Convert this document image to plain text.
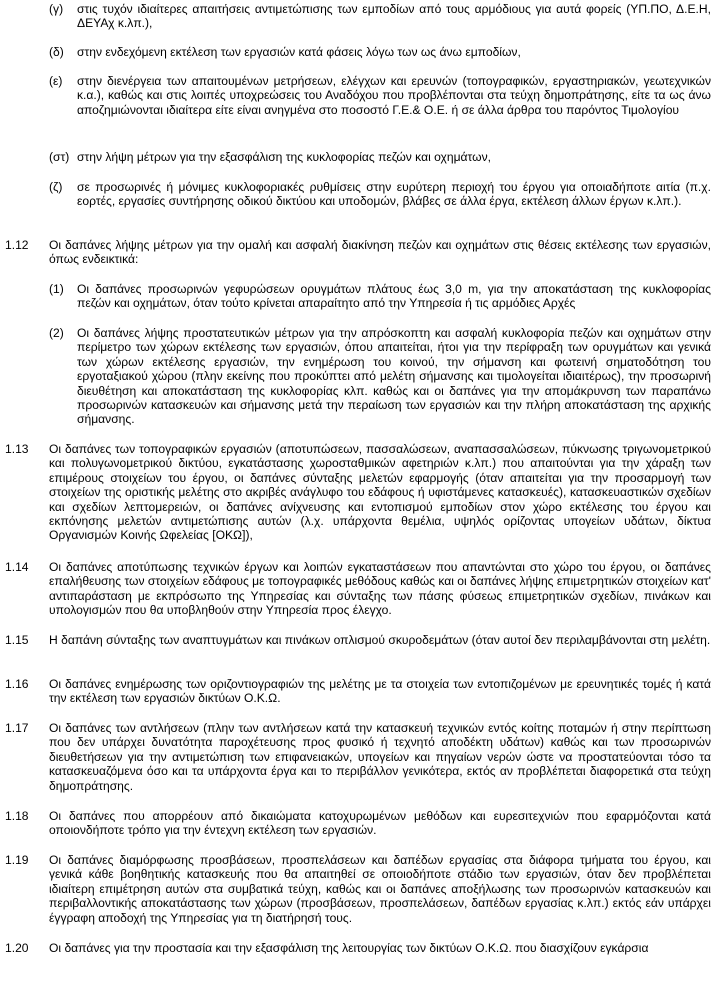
(γ) στις τυχόν ιδιαίτερες απαιτήσεις αντιμετώπισης των εμποδίων από τους αρμόδιους για αυτά φορείς (ΥΠ.ΠΟ, Δ.Ε.Η, ΔΕΥΑχ κ.λπ.),
(δ) στην ενδεχόμενη εκτέλεση των εργασιών κατά φάσεις λόγω των ως άνω εμποδίων,
(ε) στην διενέργεια των απαιτουμένων μετρήσεων, ελέγχων και ερευνών (τοπογραφικών, εργαστηριακών, γεωτεχνικών κ.α.), καθώς και στις λοιπές υποχρεώσεις του Αναδόχου που προβλέπονται στα τεύχη δημοπράτησης, είτε τα ως άνω αποζημιώνονται ιδιαίτερα είτε είναι ανηγμένα στο ποσοστό Γ.Ε.& Ο.Ε. ή σε άλλα άρθρα του παρόντος Τιμολογίου
(στ) στην λήψη μέτρων για την εξασφάλιση της κυκλοφορίας πεζών και οχημάτων,
(ζ) σε προσωρινές ή μόνιμες κυκλοφοριακές ρυθμίσεις στην ευρύτερη περιοχή του έργου για οποιαδήποτε αιτία (π.χ. εορτές, εργασίες συντήρησης οδικού δικτύου και υποδομών, βλάβες σε άλλα έργα, εκτέλεση άλλων έργων κ.λπ.).
1.12 Οι δαπάνες λήψης μέτρων για την ομαλή και ασφαλή διακίνηση πεζών και οχημάτων στις θέσεις εκτέλεσης των εργασιών, όπως ενδεικτικά:
(1) Οι δαπάνες προσωρινών γεφυρώσεων ορυγμάτων πλάτους έως 3,0 m, για την αποκατάσταση της κυκλοφορίας πεζών και οχημάτων, όταν τούτο κρίνεται απαραίτητο από την Υπηρεσία ή τις αρμόδιες Αρχές
(2) Οι δαπάνες λήψης προστατευτικών μέτρων για την απρόσκοπτη και ασφαλή κυκλοφορία πεζών και οχημάτων στην περίμετρο των χώρων εκτέλεσης των εργασιών, όπου απαιτείται, ήτοι για την περίφραξη των ορυγμάτων και γενικά των χώρων εκτέλεσης εργασιών, την ενημέρωση του κοινού, την σήμανση και φωτεινή σηματοδότηση του εργοταξιακού χώρου (πλην εκείνης που προκύπτει από μελέτη σήμανσης και τιμολογείται ιδιαιτέρως), την προσωρινή διευθέτηση και αποκατάσταση της κυκλοφορίας κλπ. καθώς και οι δαπάνες για την απομάκρυνση των παραπάνω προσωρινών κατασκευών και σήμανσης μετά την περαίωση των εργασιών και την πλήρη αποκατάσταση της αρχικής σήμανσης.
1.13 Οι δαπάνες των τοπογραφικών εργασιών (αποτυπώσεων, πασσαλώσεων, αναπασσαλώσεων, πύκνωσης τριγωνομετρικού και πολυγωνομετρικού δικτύου, εγκατάστασης χωροσταθμικών αφετηριών κ.λπ.) που απαιτούνται για την χάραξη των επιμέρους στοιχείων του έργου, οι δαπάνες σύνταξης μελετών εφαρμογής (όταν απαιτείται για την προσαρμογή των στοιχείων της οριστικής μελέτης στο ακριβές ανάγλυφο του εδάφους ή υφιστάμενες κατασκευές), κατασκευαστικών σχεδίων και σχεδίων λεπτομερειών, οι δαπάνες ανίχνευσης και εντοπισμού εμποδίων στον χώρο εκτέλεσης του έργου και εκπόνησης μελετών αντιμετώπισης αυτών (λ.χ. υπάρχοντα θεμέλια, υψηλός ορίζοντας υπογείων υδάτων, δίκτυα Οργανισμών Κοινής Ωφελείας [ΟΚΩ]),
1.14 Οι δαπάνες αποτύπωσης τεχνικών έργων και λοιπών εγκαταστάσεων που απαντώνται στο χώρο του έργου, οι δαπάνες επαλήθευσης των στοιχείων εδάφους με τοπογραφικές μεθόδους καθώς και οι δαπάνες λήψης επιμετρητικών στοιχείων κατ' αντιπαράσταση με εκπρόσωπο της Υπηρεσίας και σύνταξης των πάσης φύσεως επιμετρητικών σχεδίων, πινάκων και υπολογισμών που θα υποβληθούν στην Υπηρεσία προς έλεγχο.
1.15 Η δαπάνη σύνταξης των αναπτυγμάτων και πινάκων οπλισμού σκυροδεμάτων (όταν αυτοί δεν περιλαμβάνονται στη μελέτη.
1.16 Οι δαπάνες ενημέρωσης των οριζοντιογραφιών της μελέτης με τα στοιχεία των εντοπιζομένων με ερευνητικές τομές ή κατά την εκτέλεση των εργασιών δικτύων Ο.Κ.Ω.
1.17 Οι δαπάνες των αντλήσεων (πλην των αντλήσεων κατά την κατασκευή τεχνικών εντός κοίτης ποταμών ή στην περίπτωση που δεν υπάρχει δυνατότητα παροχέτευσης προς φυσικό ή τεχνητό αποδέκτη υδάτων) καθώς και των προσωρινών διευθετήσεων για την αντιμετώπιση των επιφανειακών, υπογείων και πηγαίων νερών ώστε να προστατεύονται τόσο τα κατασκευαζόμενα όσο και τα υπάρχοντα έργα και το περιβάλλον γενικότερα, εκτός αν προβλέπεται διαφορετικά στα τεύχη δημοπράτησης.
1.18 Οι δαπάνες που απορρέουν από δικαιώματα κατοχυρωμένων μεθόδων και ευρεσιτεχνιών που εφαρμόζονται κατά οποιονδήποτε τρόπο για την έντεχνη εκτέλεση των εργασιών.
1.19 Οι δαπάνες διαμόρφωσης προσβάσεων, προσπελάσεων και δαπέδων εργασίας στα διάφορα τμήματα του έργου, και γενικά κάθε βοηθητικής κατασκευής που θα απαιτηθεί σε οποιοδήποτε στάδιο των εργασιών, όταν δεν προβλέπεται ιδιαίτερη επιμέτρηση αυτών στα συμβατικά τεύχη, καθώς και οι δαπάνες αποξήλωσης των προσωρινών κατασκευών και περιβαλλοντικής αποκατάστασης των χώρων (προσβάσεων, προσπελάσεων, δαπέδων εργασίας κ.λπ.) εκτός εάν υπάρχει έγγραφη αποδοχή της Υπηρεσίας για τη διατήρησή τους.
1.20 Οι δαπάνες για την προστασία και την εξασφάλιση της λειτουργίας των δικτύων Ο.Κ.Ω. που διασχίζουν εγκάρσια
